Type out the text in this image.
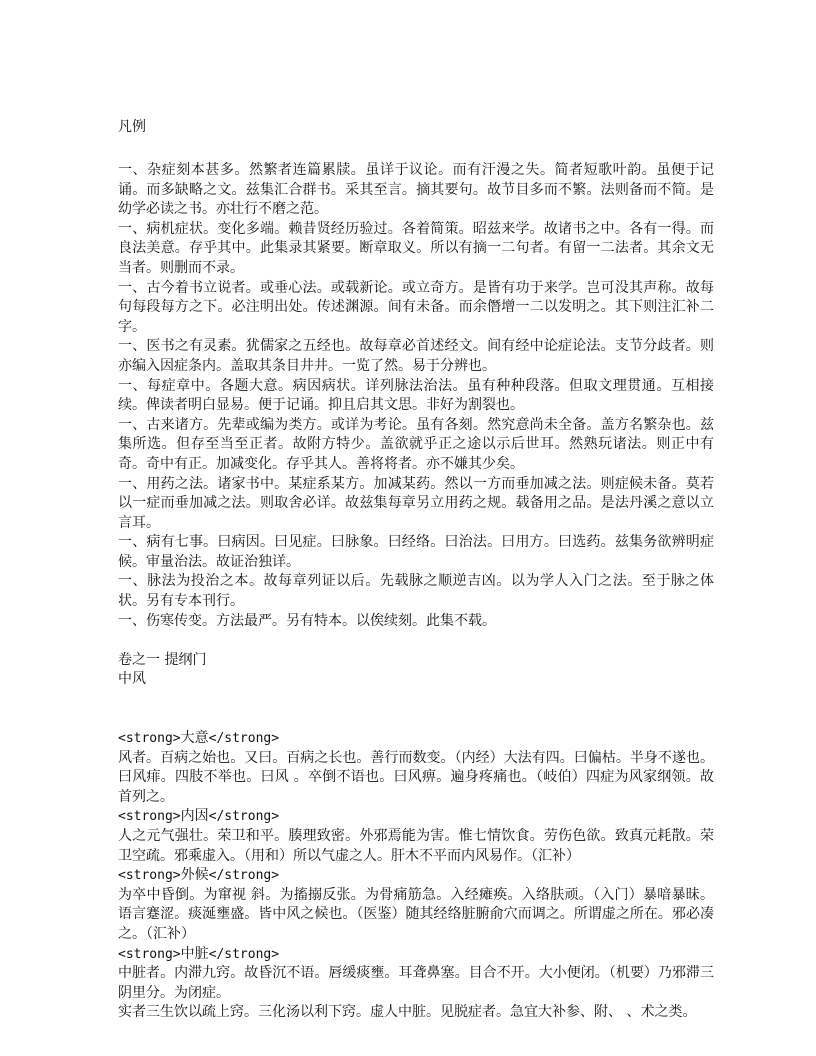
凡例

一、杂症刻本甚多。然繁者连篇累牍。虽详于议论。而有汗漫之失。简者短歌叶韵。虽便于记诵。而多缺略之文。兹集汇合群书。采其至言。摘其要句。故节目多而不繁。法则备而不简。是幼学必读之书。亦壮行不磨之范。

一、病机症状。变化多端。赖昔贤经历验过。各着简策。昭兹来学。故诸书之中。各有一得。而良法美意。存乎其中。此集录其紧要。断章取义。所以有摘一二句者。有留一二法者。其余文无当者。则删而不录。

一、古今着书立说者。或垂心法。或载新论。或立奇方。是皆有功于来学。岂可没其声称。故每句每段每方之下。必注明出处。传述渊源。间有未备。而余僭增一二以发明之。其下则注汇补二字。

一、医书之有灵素。犹儒家之五经也。故每章必首述经文。间有经中论症论法。支节分歧者。则亦编入因症条内。盖取其条目井井。一览了然。易于分辨也。

一、每症章中。各题大意。病因病状。详列脉法治法。虽有种种段落。但取文理贯通。互相接续。俾读者明白显易。便于记诵。抑且启其文思。非好为割裂也。

一、古来诸方。先辈或编为类方。或详为考论。虽有各刻。然究意尚未全备。盖方名繁杂也。兹集所选。但存至当至正者。故附方特少。盖欲就乎正之途以示后世耳。然熟玩诸法。则正中有奇。奇中有正。加减变化。存乎其人。善将将者。亦不嫌其少矣。

一、用药之法。诸家书中。某症系某方。加减某药。然以一方而垂加减之法。则症候未备。莫若以一症而垂加减之法。则取舍必详。故兹集每章另立用药之规。载备用之品。是法丹溪之意以立言耳。

一、病有七事。曰病因。曰见症。曰脉象。曰经络。曰治法。曰用方。曰选药。兹集务欲辨明症候。审量治法。故证治独详。

一、脉法为投治之本。故每章列证以后。先载脉之顺逆吉凶。以为学人入门之法。至于脉之体状。另有专本刊行。

一、伤寒传变。方法最严。另有特本。以俟续刻。此集不载。

卷之一 提纲门

中风

<strong>大意</strong>

风者。百病之始也。又曰。百病之长也。善行而数变。（内经）大法有四。曰偏枯。半身不遂也。曰风痱。四肢不举也。曰风 。卒倒不语也。曰风痹。遍身疼痛也。（岐伯）四症为风家纲领。故首列之。

<strong>内因</strong>

人之元气强壮。荣卫和平。腠理致密。外邪焉能为害。惟七情饮食。劳伤色欲。致真元耗散。荣卫空疏。邪乘虚入。（用和）所以气虚之人。肝木不平而内风易作。（汇补）

<strong>外候</strong>

为卒中昏倒。为窜视 斜。为搐搦反张。为骨痛筋急。入经瘫痪。入络肤顽。（入门）暴喑暴昧。语言蹇涩。痰涎壅盛。皆中风之候也。（医鉴）随其经络脏腑俞穴而调之。所谓虚之所在。邪必凑之。（汇补）

<strong>中脏</strong>

中脏者。内滞九窍。故昏沉不语。唇缓痰壅。耳聋鼻塞。目合不开。大小便闭。（机要）乃邪滞三阴里分。为闭症。

实者三生饮以疏上窍。三化汤以利下窍。虚人中脏。见脱症者。急宜大补参、附、 、术之类。
